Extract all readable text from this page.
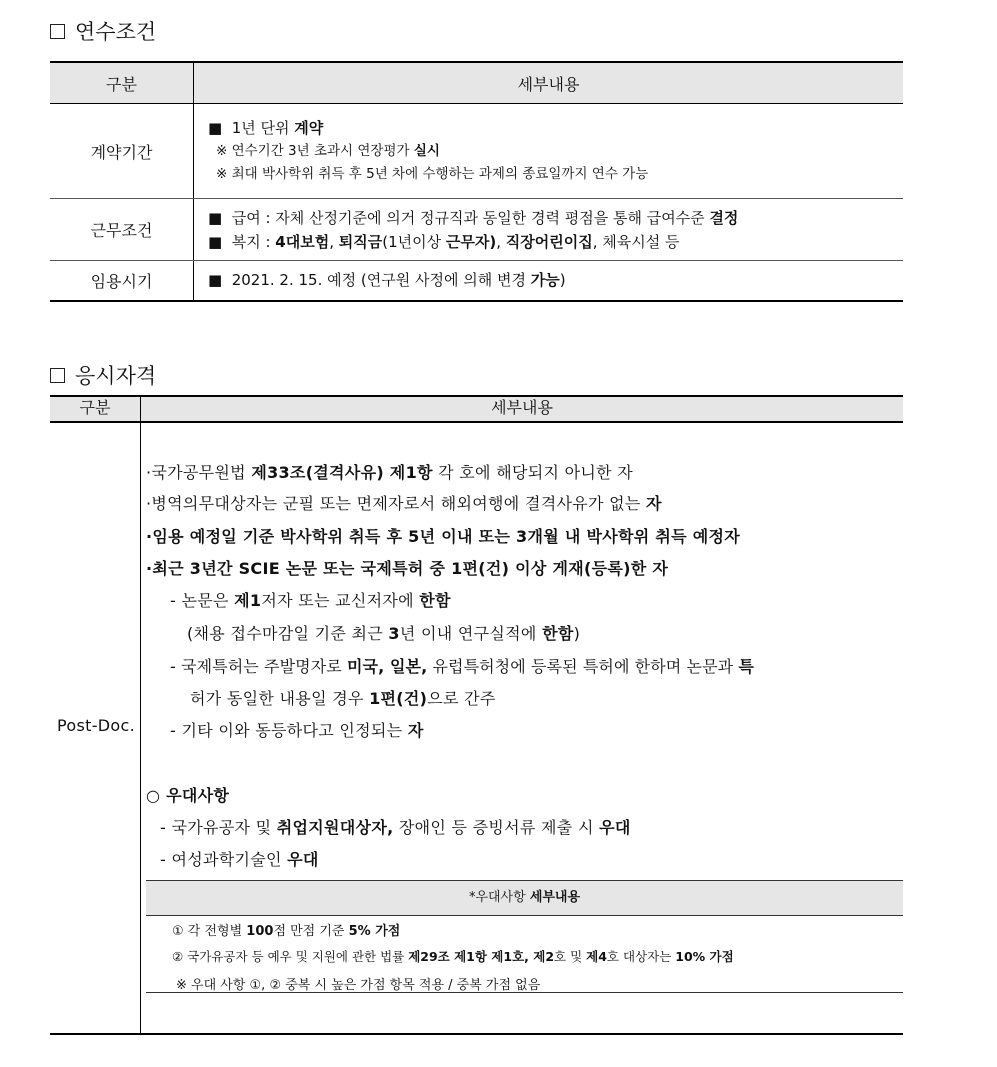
연수조건
구분	세부내용
계약기간	■  1년 단위 계약
※ 연수기간 3년 초과시 연장평가 실시
※ 최대 박사학위 취득 후 5년 차에 수행하는 과제의 종료일까지 연수 가능

근무조건	■  급여 : 자체 산정기준에 의거 정규직과 동일한 경력 평점을 통해 급여수준 결정
■  복지 : 4대보험, 퇴직금(1년이상 근무자), 직장어린이집, 체육시설 등

임용시기	■  2021. 2. 15. 예정 (연구원 사정에 의해 변경 가능)
응시자격
구분	세부내용
Post-Doc.
·국가공무원법 제33조(결격사유) 제1항 각 호에 해당되지 아니한 자
·병역의무대상자는 군필 또는 면제자로서 해외여행에 결격사유가 없는 자
·임용 예정일 기준 박사학위 취득 후 5년 이내 또는 3개월 내 박사학위 취득 예정자
·최근 3년간 SCIE 논문 또는 국제특허 중 1편(건) 이상 게재(등록)한 자
- 논문은 제1저자 또는 교신저자에 한함
(채용 접수마감일 기준 최근 3년 이내 연구실적에 한함)
- 국제특허는 주발명자로 미국, 일본, 유럽특허청에 등록된 특허에 한하며 논문과 특
허가 동일한 내용일 경우 1편(건)으로 간주
- 기타 이와 동등하다고 인정되는 자
○ 우대사항
- 국가유공자 및 취업지원대상자, 장애인 등 증빙서류 제출 시 우대
- 여성과학기술인 우대
*우대사항 세부내용
① 각 전형별 100점 만점 기준 5% 가점
② 국가유공자 등 예우 및 지원에 관한 법률 제29조 제1항 제1호, 제2호 및 제4호 대상자는 10% 가점
※ 우대 사항 ①, ② 중복 시 높은 가점 항목 적용 / 중복 가점 없음
